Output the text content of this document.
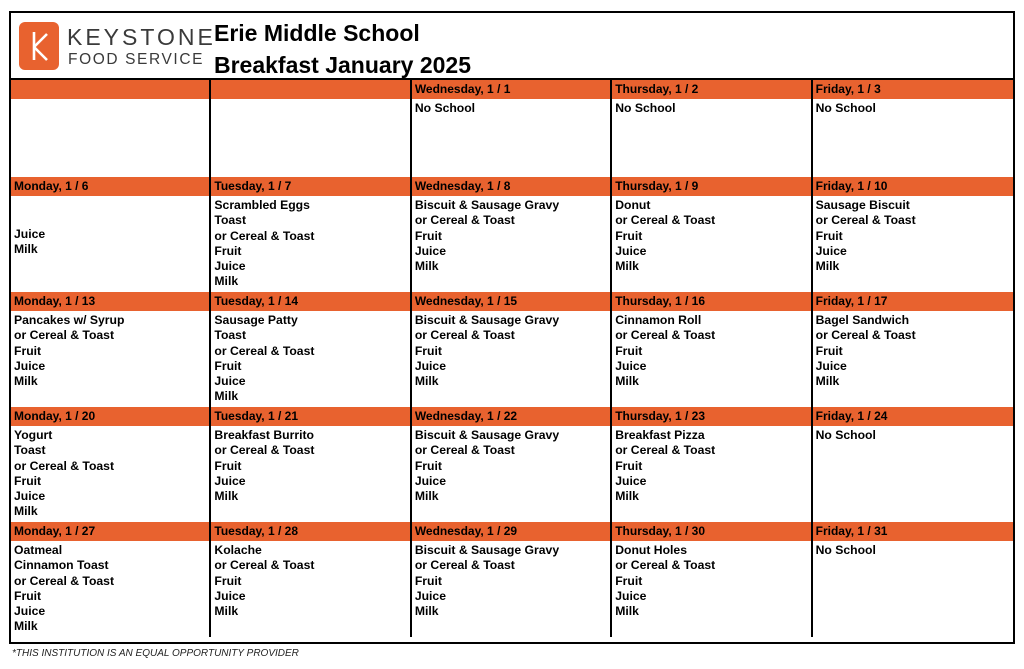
KEYSTONE
FOOD SERVICE
Erie Middle School
Breakfast January 2025
Wednesday, 1 / 1
No School
Thursday, 1 / 2
No School
Friday, 1 / 3
No School
Monday, 1 / 6
Juice
Milk
Tuesday, 1 / 7
Scrambled Eggs
Toast
or Cereal & Toast
Fruit
Juice
Milk
Wednesday, 1 / 8
Biscuit & Sausage Gravy
or Cereal & Toast
Fruit
Juice
Milk
Thursday, 1 / 9
Donut
or Cereal & Toast
Fruit
Juice
Milk
Friday, 1 / 10
Sausage Biscuit
or Cereal & Toast
Fruit
Juice
Milk
Monday, 1 / 13
Pancakes w/ Syrup
or Cereal & Toast
Fruit
Juice
Milk
Tuesday, 1 / 14
Sausage Patty
Toast
or Cereal & Toast
Fruit
Juice
Milk
Wednesday, 1 / 15
Biscuit & Sausage Gravy
or Cereal & Toast
Fruit
Juice
Milk
Thursday, 1 / 16
Cinnamon Roll
or Cereal & Toast
Fruit
Juice
Milk
Friday, 1 / 17
Bagel Sandwich
or Cereal & Toast
Fruit
Juice
Milk
Monday, 1 / 20
Yogurt
Toast
or Cereal & Toast
Fruit
Juice
Milk
Tuesday, 1 / 21
Breakfast Burrito
or Cereal & Toast
Fruit
Juice
Milk
Wednesday, 1 / 22
Biscuit & Sausage Gravy
or Cereal & Toast
Fruit
Juice
Milk
Thursday, 1 / 23
Breakfast Pizza
or Cereal & Toast
Fruit
Juice
Milk
Friday, 1 / 24
No School
Monday, 1 / 27
Oatmeal
Cinnamon Toast
or Cereal & Toast
Fruit
Juice
Milk
Tuesday, 1 / 28
Kolache
or Cereal & Toast
Fruit
Juice
Milk
Wednesday, 1 / 29
Biscuit & Sausage Gravy
or Cereal & Toast
Fruit
Juice
Milk
Thursday, 1 / 30
Donut Holes
or Cereal & Toast
Fruit
Juice
Milk
Friday, 1 / 31
No School
*THIS INSTITUTION IS AN EQUAL OPPORTUNITY PROVIDER
